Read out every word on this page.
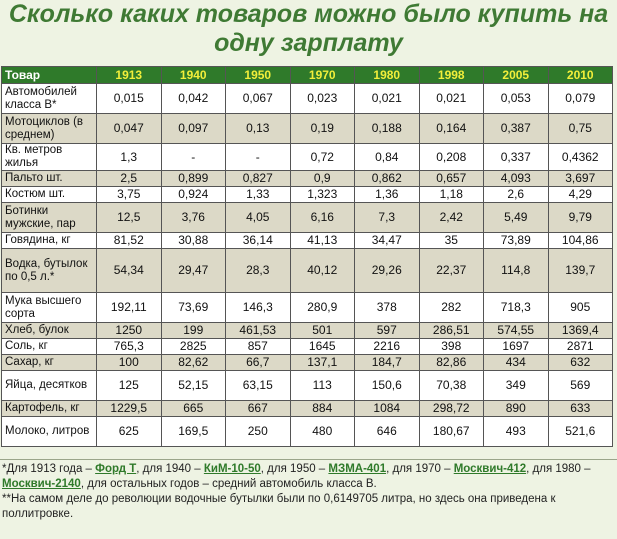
Сколько каких товаров можно было купить на
одну зарплату
Товар	1913	1940	1950	1970	1980	1998	2005	2010
Автомобилей класса В*	0,015	0,042	0,067	0,023	0,021	0,021	0,053	0,079
Мотоциклов (в среднем)	0,047	0,097	0,13	0,19	0,188	0,164	0,387	0,75
Кв. метров жилья	1,3	-	-	0,72	0,84	0,208	0,337	0,4362
Пальто шт.	2,5	0,899	0,827	0,9	0,862	0,657	4,093	3,697
Костюм шт.	3,75	0,924	1,33	1,323	1,36	1,18	2,6	4,29
Ботинки мужские, пар	12,5	3,76	4,05	6,16	7,3	2,42	5,49	9,79
Говядина, кг	81,52	30,88	36,14	41,13	34,47	35	73,89	104,86
Водка, бутылок по 0,5 л.*	54,34	29,47	28,3	40,12	29,26	22,37	114,8	139,7
Мука высшего сорта	192,11	73,69	146,3	280,9	378	282	718,3	905
Хлеб, булок	1250	199	461,53	501	597	286,51	574,55	1369,4
Соль, кг	765,3	2825	857	1645	2216	398	1697	2871
Сахар, кг	100	82,62	66,7	137,1	184,7	82,86	434	632
Яйца, десятков	125	52,15	63,15	113	150,6	70,38	349	569
Картофель, кг	1229,5	665	667	884	1084	298,72	890	633
Молоко, литров	625	169,5	250	480	646	180,67	493	521,6
*Для 1913 года – Форд Т, для 1940 – КиМ-10-50, для 1950 – МЗМА-401, для 1970 – Москвич-412, для 1980 – Москвич-2140, для остальных годов – средний автомобиль класса В.
**На самом деле до революции водочные бутылки были по 0,6149705 литра, но здесь она приведена к поллитровке.
